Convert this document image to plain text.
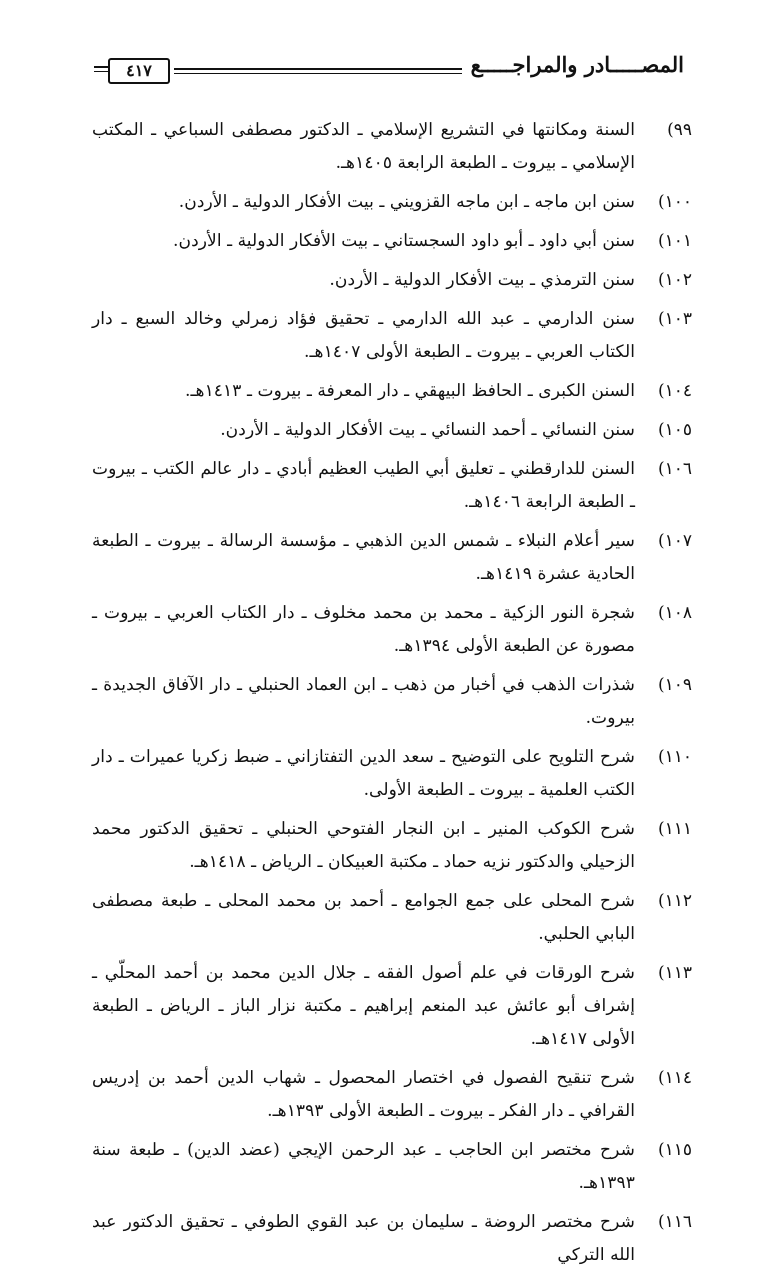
المصـــــادر والمراجـــــع
٤١٧
٩٩)
السنة ومكانتها في التشريع الإسلامي ـ الدكتور مصطفى السباعي ـ المكتب الإسلامي ـ بيروت ـ الطبعة الرابعة ١٤٠٥هـ.
١٠٠)
سنن ابن ماجه ـ ابن ماجه القزويني ـ بيت الأفكار الدولية ـ الأردن.
١٠١)
سنن أبي داود ـ أبو داود السجستاني ـ بيت الأفكار الدولية ـ الأردن.
١٠٢)
سنن الترمذي ـ بيت الأفكار الدولية ـ الأردن.
١٠٣)
سنن الدارمي ـ عبد الله الدارمي ـ تحقيق فؤاد زمرلي وخالد السبع ـ دار الكتاب العربي ـ بيروت ـ الطبعة الأولى ١٤٠٧هـ.
١٠٤)
السنن الكبرى ـ الحافظ البيهقي ـ دار المعرفة ـ بيروت ـ ١٤١٣هـ.
١٠٥)
سنن النسائي ـ أحمد النسائي ـ بيت الأفكار الدولية ـ الأردن.
١٠٦)
السنن للدارقطني ـ تعليق أبي الطيب العظيم أبادي ـ دار عالم الكتب ـ بيروت ـ الطبعة الرابعة ١٤٠٦هـ.
١٠٧)
سير أعلام النبلاء ـ شمس الدين الذهبي ـ مؤسسة الرسالة ـ بيروت ـ الطبعة الحادية عشرة ١٤١٩هـ.
١٠٨)
شجرة النور الزكية ـ محمد بن محمد مخلوف ـ دار الكتاب العربي ـ بيروت ـ مصورة عن الطبعة الأولى ١٣٩٤هـ.
١٠٩)
شذرات الذهب في أخبار من ذهب ـ ابن العماد الحنبلي ـ دار الآفاق الجديدة ـ بيروت.
١١٠)
شرح التلويح على التوضيح ـ سعد الدين التفتازاني ـ ضبط زكريا عميرات ـ دار الكتب العلمية ـ بيروت ـ الطبعة الأولى.
١١١)
شرح الكوكب المنير ـ ابن النجار الفتوحي الحنبلي ـ تحقيق الدكتور محمد الزحيلي والدكتور نزيه حماد ـ مكتبة العبيكان ـ الرياض ـ ١٤١٨هـ.
١١٢)
شرح المحلى على جمع الجوامع ـ أحمد بن محمد المحلى ـ طبعة مصطفى البابي الحلبي.
١١٣)
شرح الورقات في علم أصول الفقه ـ جلال الدين محمد بن أحمد المحلّي ـ إشراف أبو عائش عبد المنعم إبراهيم ـ مكتبة نزار الباز ـ الرياض ـ الطبعة الأولى ١٤١٧هـ.
١١٤)
شرح تنقيح الفصول في اختصار المحصول ـ شهاب الدين أحمد بن إدريس القرافي ـ دار الفكر ـ بيروت ـ الطبعة الأولى ١٣٩٣هـ.
١١٥)
شرح مختصر ابن الحاجب ـ عبد الرحمن الإيجي (عضد الدين) ـ طبعة سنة ١٣٩٣هـ.
١١٦)
شرح مختصر الروضة ـ سليمان بن عبد القوي الطوفي ـ تحقيق الدكتور عبد الله التركي
